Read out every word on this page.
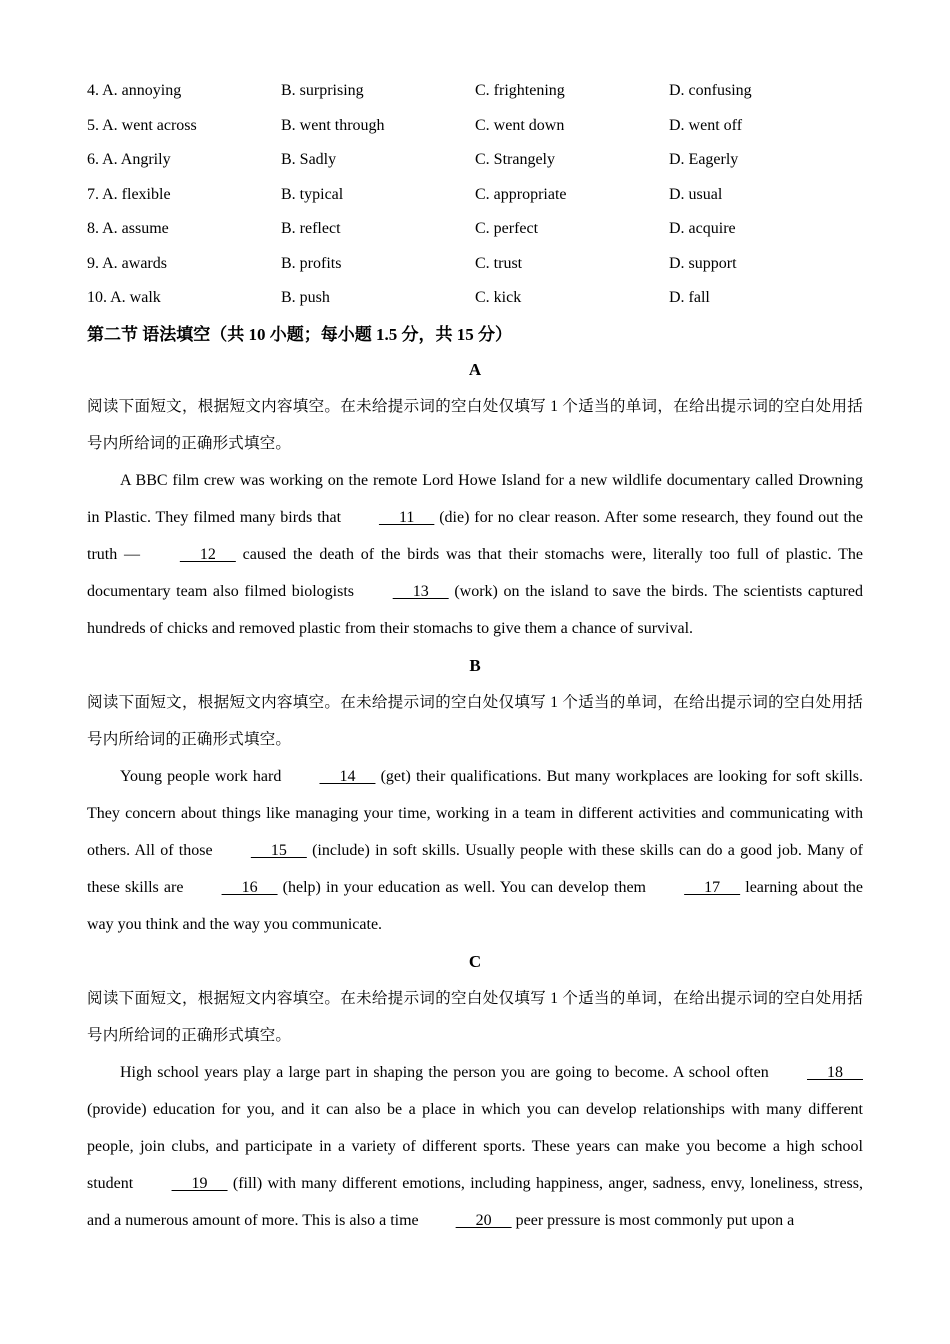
4. A. annoying	B. surprising	C. frightening	D. confusing
5. A. went across	B. went through	C. went down	D. went off
6. A. Angrily	B. Sadly	C. Strangely	D. Eagerly
7. A. flexible	B. typical	C. appropriate	D. usual
8. A. assume	B. reflect	C. perfect	D. acquire
9. A. awards	B. profits	C. trust	D. support
10. A. walk	B. push	C. kick	D. fall
第二节 语法填空（共 10 小题；每小题 1.5 分，共 15 分）
A
阅读下面短文，根据短文内容填空。在未给提示词的空白处仅填写 1 个适当的单词，在给出提示词的空白处用括号内所给词的正确形式填空。
A BBC film crew was working on the remote Lord Howe Island for a new wildlife documentary called Drowning in Plastic. They filmed many birds that      11      (die) for no clear reason. After some research, they found out the truth —      12      caused the death of the birds was that their stomachs were, literally too full of plastic. The documentary team also filmed biologists      13      (work) on the island to save the birds. The scientists captured hundreds of chicks and removed plastic from their stomachs to give them a chance of survival.
B
阅读下面短文，根据短文内容填空。在未给提示词的空白处仅填写 1 个适当的单词，在给出提示词的空白处用括号内所给词的正确形式填空。
Young people work hard      14      (get) their qualifications. But many workplaces are looking for soft skills. They concern about things like managing your time, working in a team in different activities and communicating with others. All of those      15      (include) in soft skills. Usually people with these skills can do a good job. Many of these skills are      16      (help) in your education as well. You can develop them      17      learning about the way you think and the way you communicate.
C
阅读下面短文，根据短文内容填空。在未给提示词的空白处仅填写 1 个适当的单词，在给出提示词的空白处用括号内所给词的正确形式填空。
High school years play a large part in shaping the person you are going to become. A school often      18      (provide) education for you, and it can also be a place in which you can develop relationships with many different people, join clubs, and participate in a variety of different sports. These years can make you become a high school student      19      (fill) with many different emotions, including happiness, anger, sadness, envy, loneliness, stress, and a numerous amount of more. This is also a time      20      peer pressure is most commonly put upon a
